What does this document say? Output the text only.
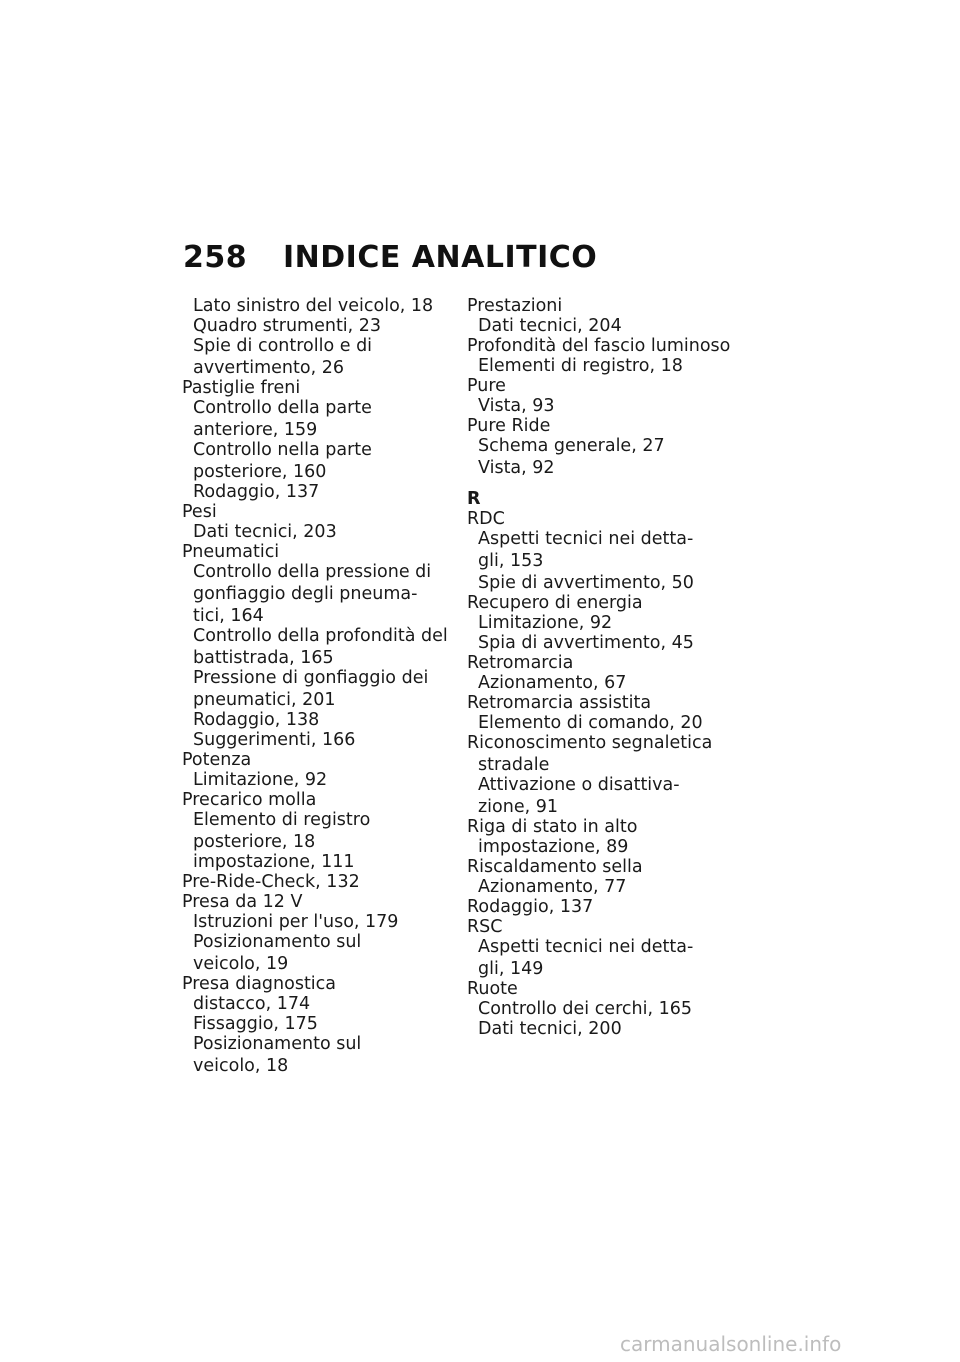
258 INDICE ANALITICO
Lato sinistro del veicolo, 18
Quadro strumenti, 23
Spie di controllo e di
avvertimento, 26
Pastiglie freni
Controllo della parte
anteriore, 159
Controllo nella parte
posteriore, 160
Rodaggio, 137
Pesi
Dati tecnici, 203
Pneumatici
Controllo della pressione di
gonfiaggio degli pneuma-
tici, 164
Controllo della profondità del
battistrada, 165
Pressione di gonfiaggio dei
pneumatici, 201
Rodaggio, 138
Suggerimenti, 166
Potenza
Limitazione, 92
Precarico molla
Elemento di registro
posteriore, 18
impostazione, 111
Pre-Ride-Check, 132
Presa da 12 V
Istruzioni per l'uso, 179
Posizionamento sul
veicolo, 19
Presa diagnostica
distacco, 174
Fissaggio, 175
Posizionamento sul
veicolo, 18
Prestazioni
Dati tecnici, 204
Profondità del fascio luminoso
Elementi di registro, 18
Pure
Vista, 93
Pure Ride
Schema generale, 27
Vista, 92
R
RDC
Aspetti tecnici nei detta-
gli, 153
Spie di avvertimento, 50
Recupero di energia
Limitazione, 92
Spia di avvertimento, 45
Retromarcia
Azionamento, 67
Retromarcia assistita
Elemento di comando, 20
Riconoscimento segnaletica
stradale
Attivazione o disattiva-
zione, 91
Riga di stato in alto
impostazione, 89
Riscaldamento sella
Azionamento, 77
Rodaggio, 137
RSC
Aspetti tecnici nei detta-
gli, 149
Ruote
Controllo dei cerchi, 165
Dati tecnici, 200
carmanualsonline.info
